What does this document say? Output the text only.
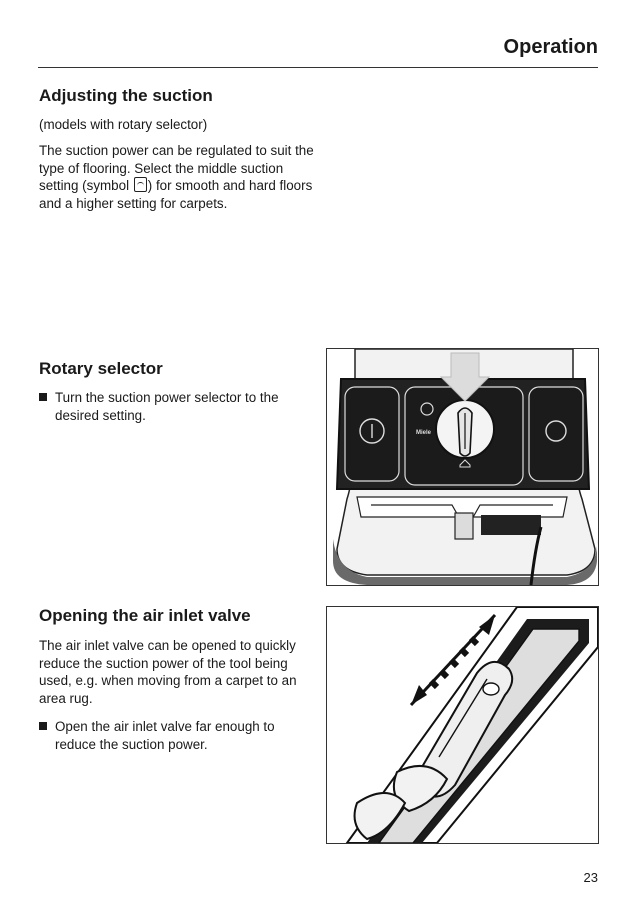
Operation
Adjusting the suction

(models with rotary selector)

The suction power can be regulated to suit the type of flooring. Select the middle suction setting (symbol ) for smooth and hard floors and a higher setting for carpets.

Rotary selector
Turn the suction power selector to the desired setting.
Miele
Opening the air inlet valve

The air inlet valve can be opened to quickly reduce the suction power of the tool being used, e.g. when moving from a carpet to an area rug.

Open the air inlet valve far enough to reduce the suction power.
23
